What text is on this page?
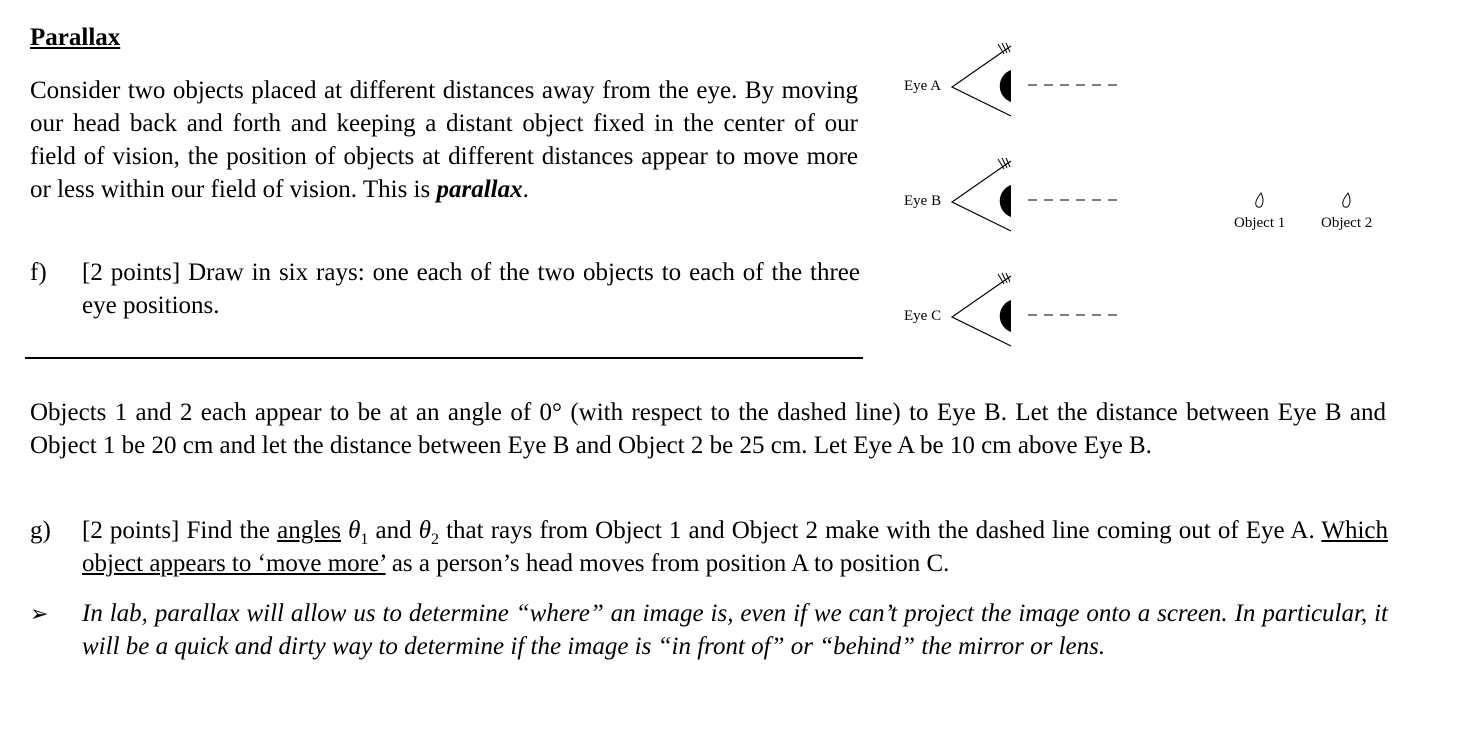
Parallax
Consider two objects placed at different distances away from the eye. By moving our head back and forth and keeping a distant object fixed in the center of our field of vision, the position of objects at different distances appear to move more or less within our field of vision. This is parallax.
f) [2 points] Draw in six rays: one each of the two objects to each of the three eye positions.
Objects 1 and 2 each appear to be at an angle of 0° (with respect to the dashed line) to Eye B. Let the distance between Eye B and Object 1 be 20 cm and let the distance between Eye B and Object 2 be 25 cm. Let Eye A be 10 cm above Eye B.
g) [2 points] Find the angles $\theta_1$ and $\theta_2$ that rays from Object 1 and Object 2 make with the dashed line coming out of Eye A. Which object appears to ‘move more’ as a person’s head moves from position A to position C.
➢ In lab, parallax will allow us to determine “where” an image is, even if we can’t project the image onto a screen. In particular, it will be a quick and dirty way to determine if the image is “in front of” or “behind” the mirror or lens.
Eye A
Eye B
Eye C
Object 1 Object 2
